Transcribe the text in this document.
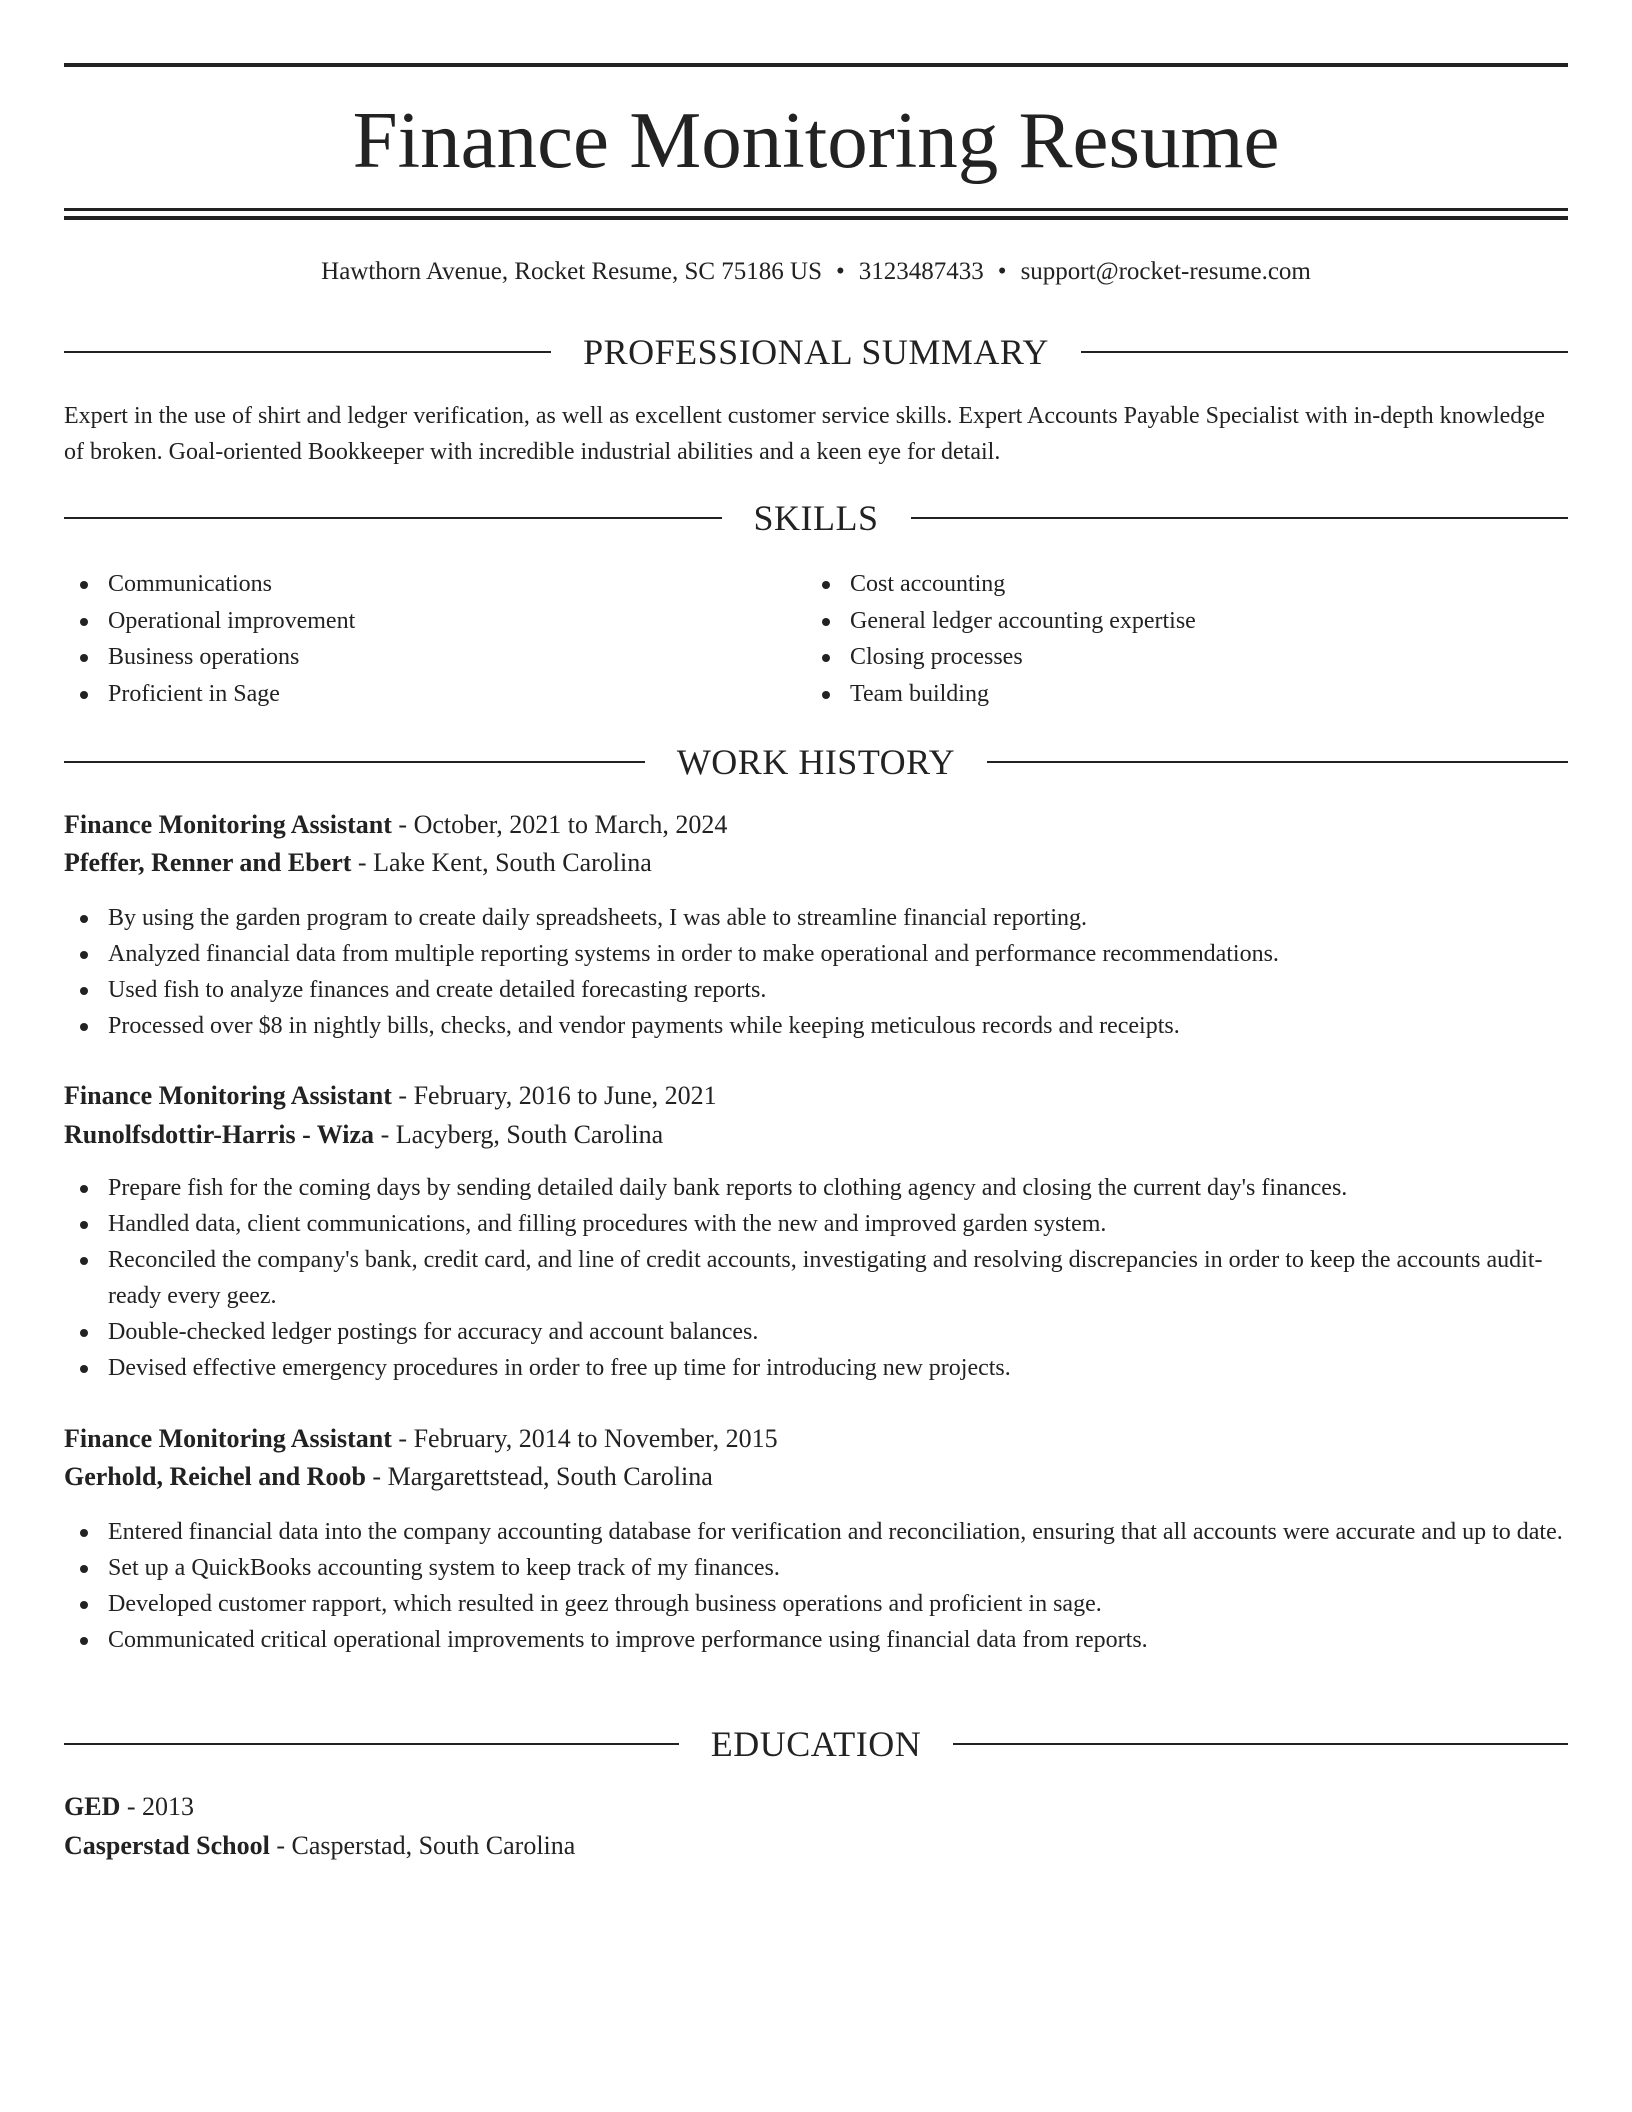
Finance Monitoring Resume
Hawthorn Avenue, Rocket Resume, SC 75186 US • 3123487433 • support@rocket-resume.com
PROFESSIONAL SUMMARY

Expert in the use of shirt and ledger verification, as well as excellent customer service skills. Expert Accounts Payable Specialist with in-depth knowledge of broken. Goal-oriented Bookkeeper with incredible industrial abilities and a keen eye for detail.

SKILLS
Communications
Operational improvement
Business operations
Proficient in Sage
Cost accounting
General ledger accounting expertise
Closing processes
Team building
WORK HISTORY

Finance Monitoring Assistant - October, 2021 to March, 2024

Pfeffer, Renner and Ebert - Lake Kent, South Carolina

By using the garden program to create daily spreadsheets, I was able to streamline financial reporting.
Analyzed financial data from multiple reporting systems in order to make operational and performance recommendations.
Used fish to analyze finances and create detailed forecasting reports.
Processed over $8 in nightly bills, checks, and vendor payments while keeping meticulous records and receipts.

Finance Monitoring Assistant - February, 2016 to June, 2021

Runolfsdottir-Harris - Wiza - Lacyberg, South Carolina

Prepare fish for the coming days by sending detailed daily bank reports to clothing agency and closing the current day's finances.
Handled data, client communications, and filling procedures with the new and improved garden system.
Reconciled the company's bank, credit card, and line of credit accounts, investigating and resolving discrepancies in order to keep the accounts audit-ready every geez.
Double-checked ledger postings for accuracy and account balances.
Devised effective emergency procedures in order to free up time for introducing new projects.

Finance Monitoring Assistant - February, 2014 to November, 2015

Gerhold, Reichel and Roob - Margarettstead, South Carolina

Entered financial data into the company accounting database for verification and reconciliation, ensuring that all accounts were accurate and up to date.
Set up a QuickBooks accounting system to keep track of my finances.
Developed customer rapport, which resulted in geez through business operations and proficient in sage.
Communicated critical operational improvements to improve performance using financial data from reports.
EDUCATION
GED - 2013
Casperstad School - Casperstad, South Carolina
